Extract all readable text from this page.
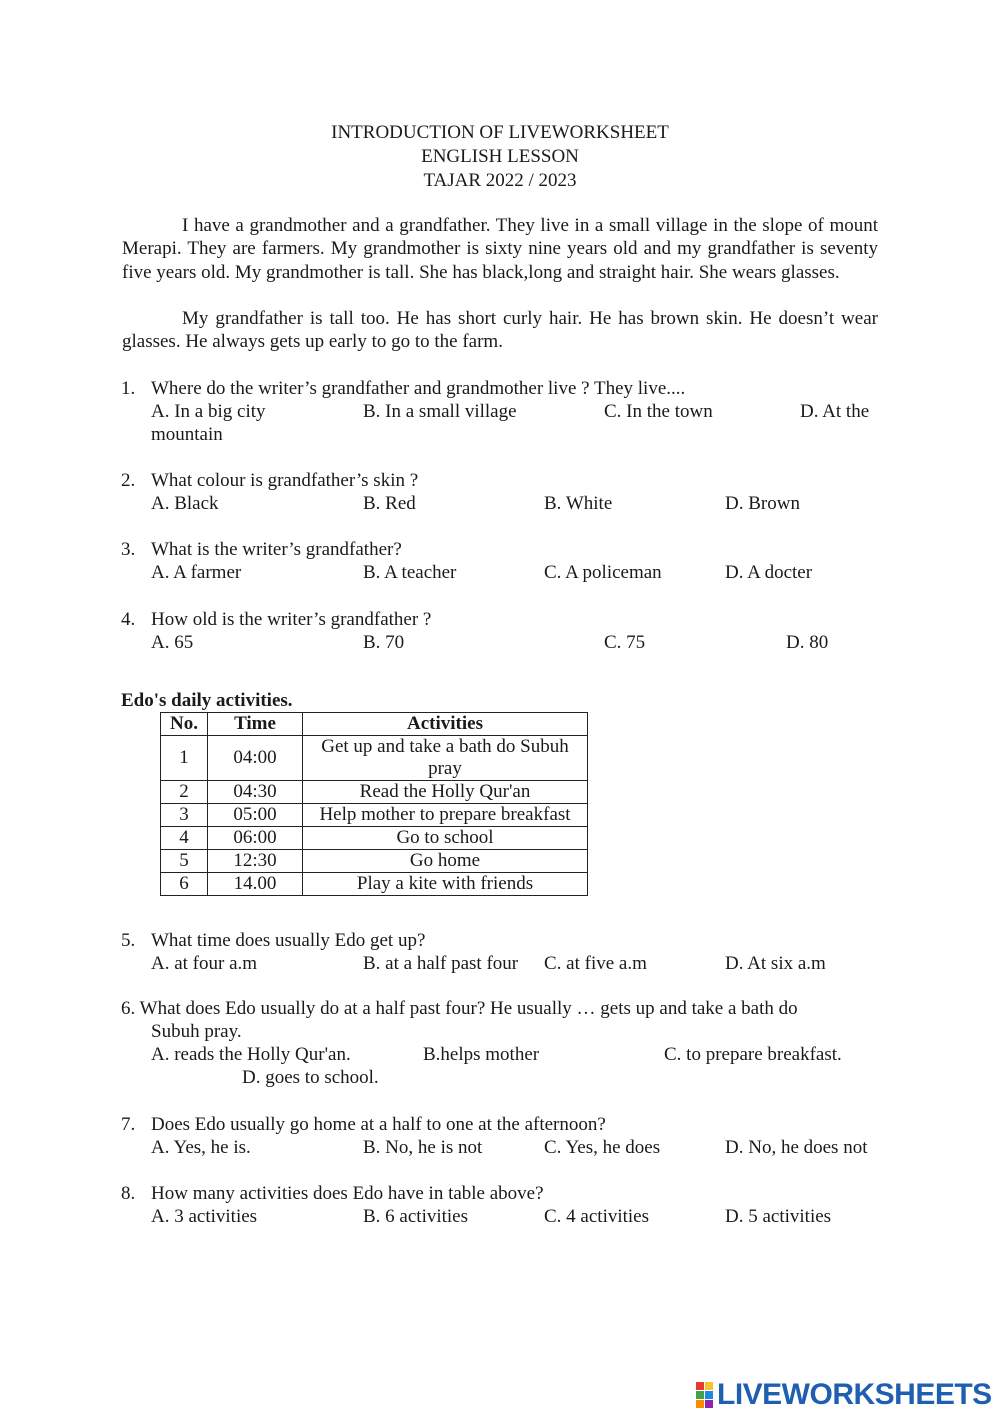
INTRODUCTION OF LIVEWORKSHEET
ENGLISH LESSON
TAJAR 2022 / 2023
I have a grandmother and a grandfather. They live in a small village in the slope of mount Merapi. They are farmers. My grandmother is sixty nine years old and my grandfather is seventy five years old. My grandmother is tall. She has black,long and straight hair. She wears glasses.
My grandfather is tall too. He has short curly hair. He has brown skin. He doesn’t wear glasses. He always gets up early to go to the farm.
1. Where do the writer’s grandfather and grandmother live ? They live....
A. In a big city	B. In a small village	C. In the town	D. At the
mountain
2. What colour is grandfather’s skin ?
A. Black	B. Red	B. White	D. Brown
3. What is the writer’s grandfather?
A. A farmer	B. A teacher	C. A policeman	D. A docter
4. How old is the writer’s grandfather ?
A. 65	B. 70	C. 75	D. 80
Edo's daily activities.
No.	Time	Activities
1	04:00	Get up and take a bath do Subuh pray
2	04:30	Read the Holly Qur'an
3	05:00	Help mother to prepare breakfast
4	06:00	Go to school
5	12:30	Go home
6	14.00	Play a kite with friends
5. What time does usually Edo get up?
A. at four a.m	B. at a half past four C. at five a.m	D. At six a.m
6. What does Edo usually do at a half past four? He usually … gets up and take a bath do
Subuh pray.
A. reads the Holly Qur'an.	B.helps mother	C. to prepare breakfast.
D. goes to school.
7. Does Edo usually go home at a half to one at the afternoon?
A. Yes, he is.	B. No, he is not	C. Yes, he does	D. No, he does not
8. How many activities does Edo have in table above?
A. 3 activities	B. 6 activities	C. 4 activities	D. 5 activities
LIVEWORKSHEETS
